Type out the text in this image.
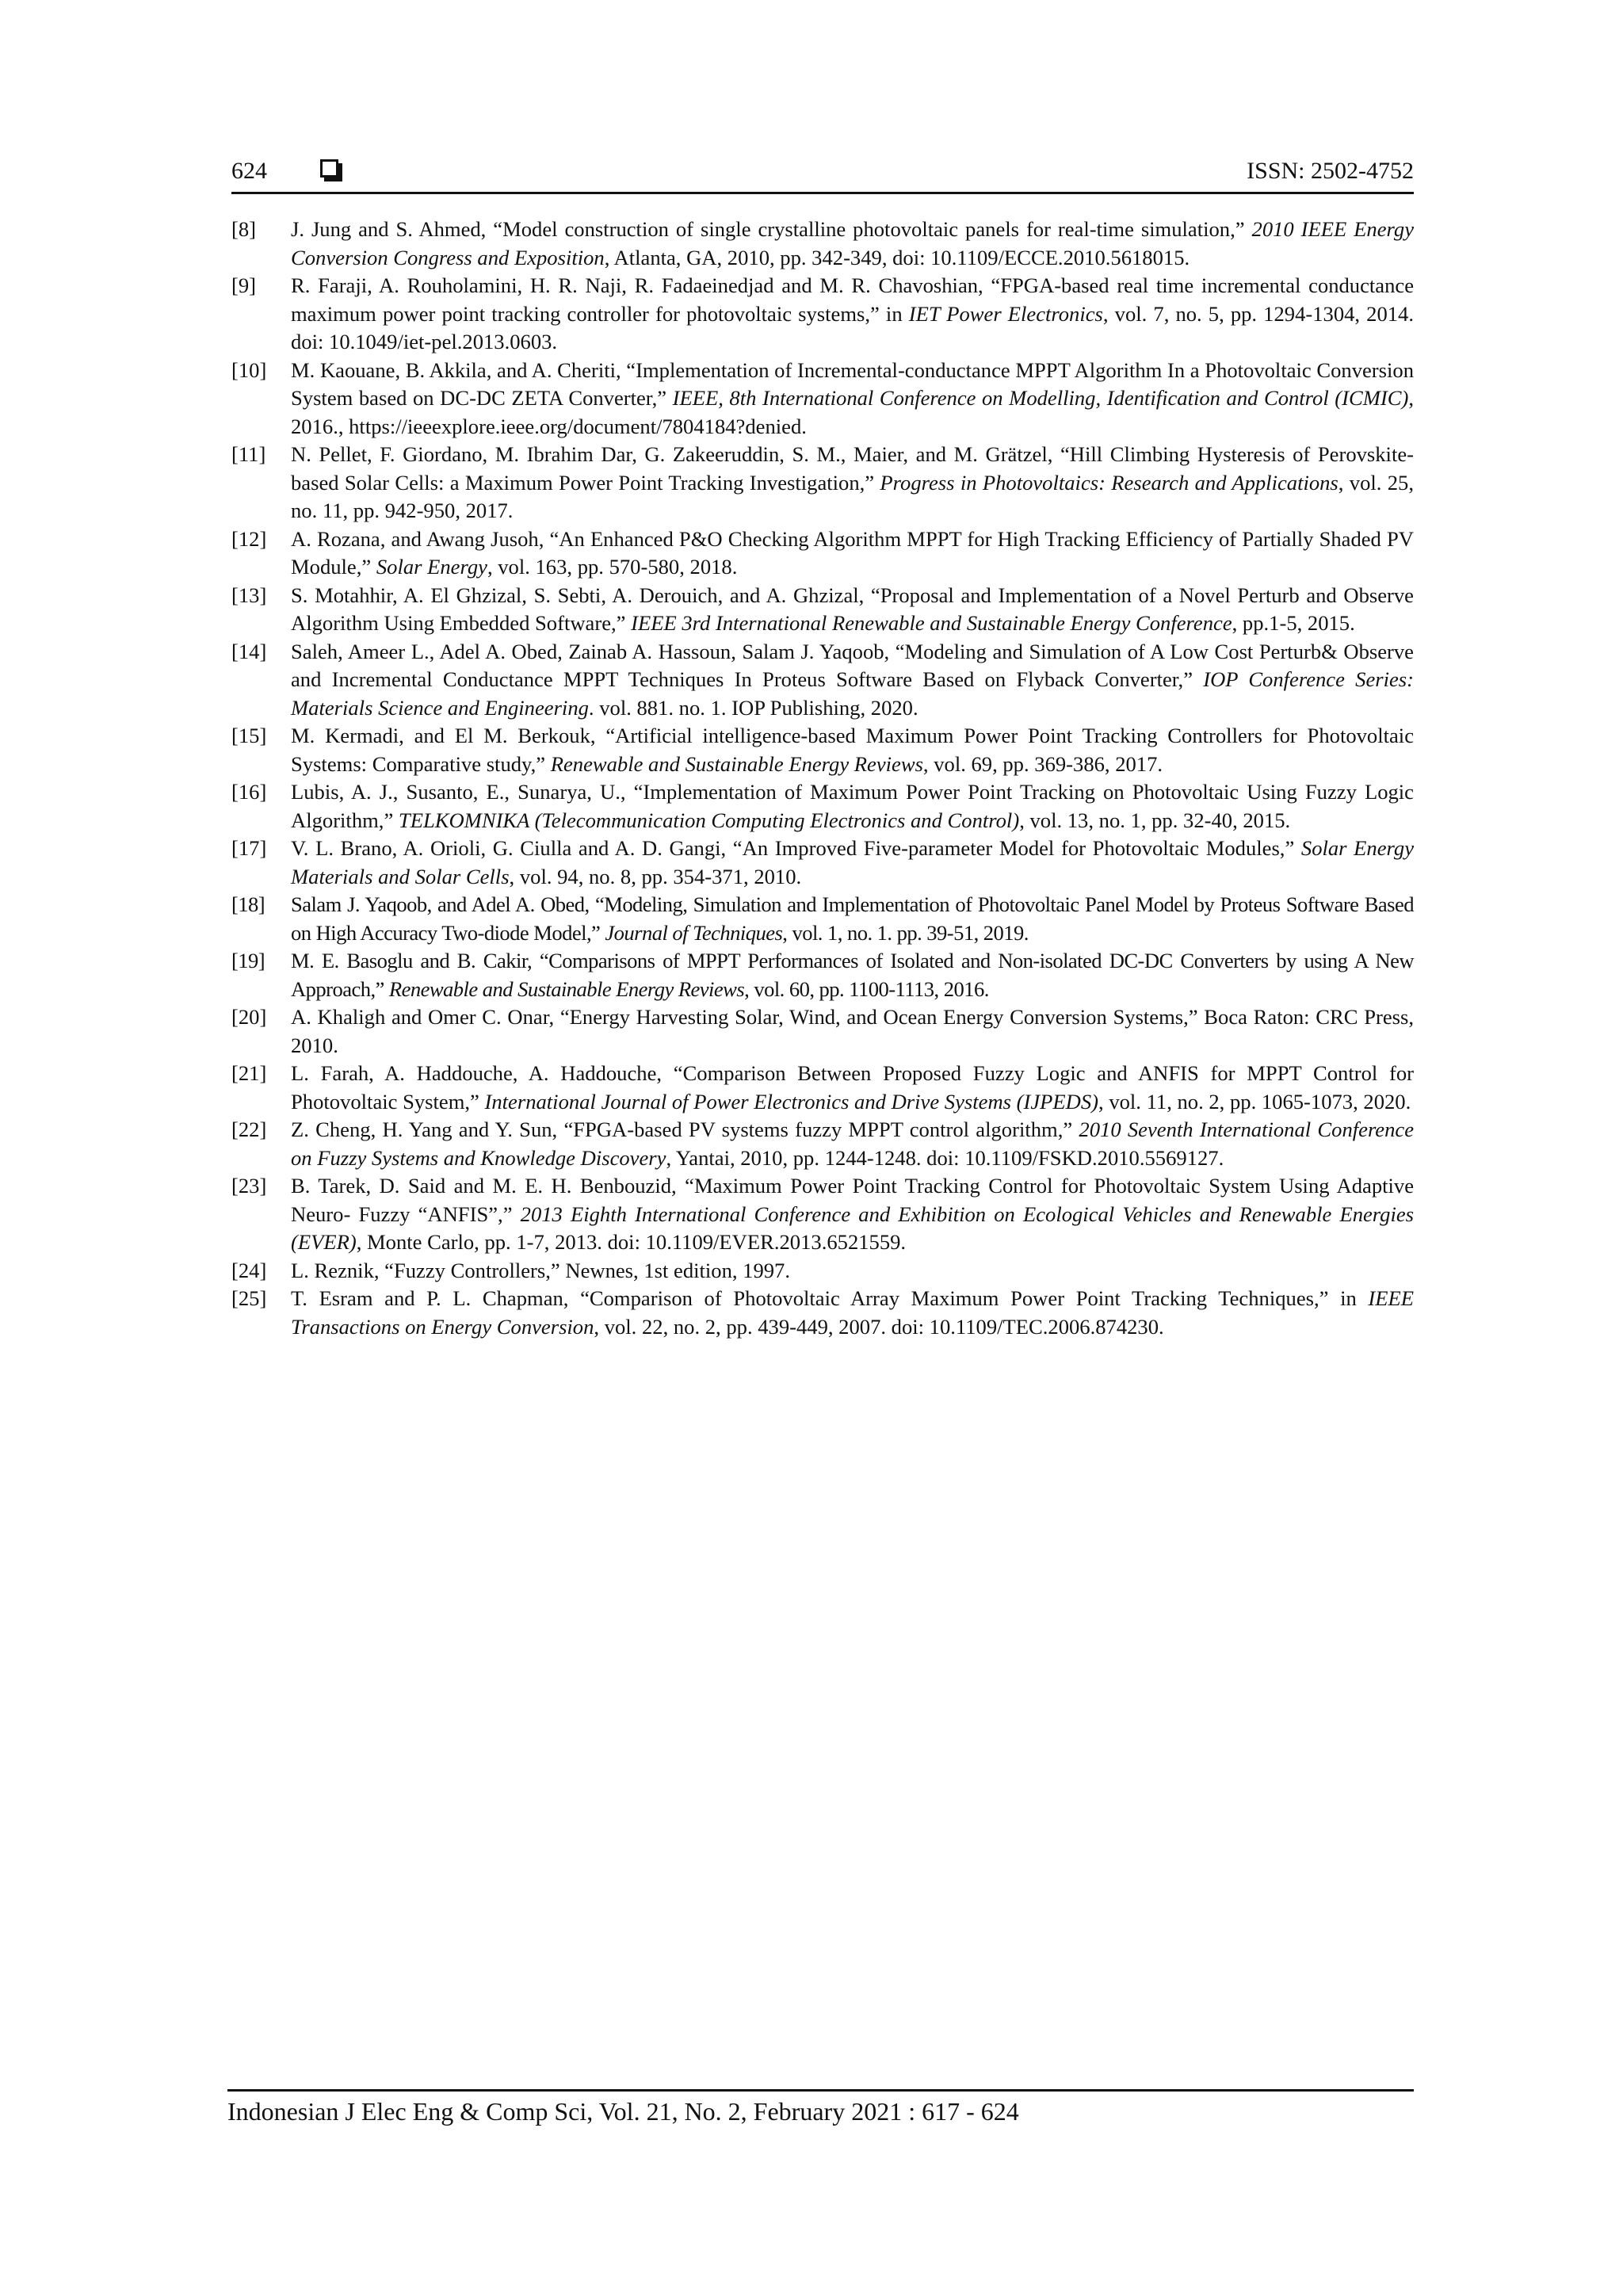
624	ISSN: 2502-4752
[8] J. Jung and S. Ahmed, “Model construction of single crystalline photovoltaic panels for real-time simulation,” 2010 IEEE Energy Conversion Congress and Exposition, Atlanta, GA, 2010, pp. 342-349, doi: 10.1109/ECCE.2010.5618015.
[9] R. Faraji, A. Rouholamini, H. R. Naji, R. Fadaeinedjad and M. R. Chavoshian, “FPGA-based real time incremental conductance maximum power point tracking controller for photovoltaic systems,” in IET Power Electronics, vol. 7, no. 5, pp. 1294-1304, 2014. doi: 10.1049/iet-pel.2013.0603.
[10] M. Kaouane, B. Akkila, and A. Cheriti, “Implementation of Incremental-conductance MPPT Algorithm In a Photovoltaic Conversion System based on DC-DC ZETA Converter,” IEEE, 8th International Conference on Modelling, Identification and Control (ICMIC), 2016., https://ieeexplore.ieee.org/document/7804184?denied.
[11] N. Pellet, F. Giordano, M. Ibrahim Dar, G. Zakeeruddin, S. M., Maier, and M. Grätzel, “Hill Climbing Hysteresis of Perovskite-based Solar Cells: a Maximum Power Point Tracking Investigation,” Progress in Photovoltaics: Research and Applications, vol. 25, no. 11, pp. 942-950, 2017.
[12] A. Rozana, and Awang Jusoh, “An Enhanced P&O Checking Algorithm MPPT for High Tracking Efficiency of Partially Shaded PV Module,” Solar Energy, vol. 163, pp. 570-580, 2018.
[13] S. Motahhir, A. El Ghzizal, S. Sebti, A. Derouich, and A. Ghzizal, “Proposal and Implementation of a Novel Perturb and Observe Algorithm Using Embedded Software,” IEEE 3rd International Renewable and Sustainable Energy Conference, pp.1-5, 2015.
[14] Saleh, Ameer L., Adel A. Obed, Zainab A. Hassoun, Salam J. Yaqoob, “Modeling and Simulation of A Low Cost Perturb& Observe and Incremental Conductance MPPT Techniques In Proteus Software Based on Flyback Converter,” IOP Conference Series: Materials Science and Engineering. vol. 881. no. 1. IOP Publishing, 2020.
[15] M. Kermadi, and El M. Berkouk, “Artificial intelligence-based Maximum Power Point Tracking Controllers for Photovoltaic Systems: Comparative study,” Renewable and Sustainable Energy Reviews, vol. 69, pp. 369-386, 2017.
[16] Lubis, A. J., Susanto, E., Sunarya, U., “Implementation of Maximum Power Point Tracking on Photovoltaic Using Fuzzy Logic Algorithm,” TELKOMNIKA (Telecommunication Computing Electronics and Control), vol. 13, no. 1, pp. 32-40, 2015.
[17] V. L. Brano, A. Orioli, G. Ciulla and A. D. Gangi, “An Improved Five-parameter Model for Photovoltaic Modules,” Solar Energy Materials and Solar Cells, vol. 94, no. 8, pp. 354-371, 2010.
[18] Salam J. Yaqoob, and Adel A. Obed, “Modeling, Simulation and Implementation of Photovoltaic Panel Model by Proteus Software Based on High Accuracy Two-diode Model,” Journal of Techniques, vol. 1, no. 1. pp. 39-51, 2019.
[19] M. E. Basoglu and B. Cakir, “Comparisons of MPPT Performances of Isolated and Non-isolated DC-DC Converters by using A New Approach,” Renewable and Sustainable Energy Reviews, vol. 60, pp. 1100-1113, 2016.
[20] A. Khaligh and Omer C. Onar, “Energy Harvesting Solar, Wind, and Ocean Energy Conversion Systems,” Boca Raton: CRC Press, 2010.
[21] L. Farah, A. Haddouche, A. Haddouche, “Comparison Between Proposed Fuzzy Logic and ANFIS for MPPT Control for Photovoltaic System,” International Journal of Power Electronics and Drive Systems (IJPEDS), vol. 11, no. 2, pp. 1065-1073, 2020.
[22] Z. Cheng, H. Yang and Y. Sun, “FPGA-based PV systems fuzzy MPPT control algorithm,” 2010 Seventh International Conference on Fuzzy Systems and Knowledge Discovery, Yantai, 2010, pp. 1244-1248. doi: 10.1109/FSKD.2010.5569127.
[23] B. Tarek, D. Said and M. E. H. Benbouzid, “Maximum Power Point Tracking Control for Photovoltaic System Using Adaptive Neuro- Fuzzy “ANFIS”,” 2013 Eighth International Conference and Exhibition on Ecological Vehicles and Renewable Energies (EVER), Monte Carlo, pp. 1-7, 2013. doi: 10.1109/EVER.2013.6521559.
[24] L. Reznik, “Fuzzy Controllers,” Newnes, 1st edition, 1997.
[25] T. Esram and P. L. Chapman, “Comparison of Photovoltaic Array Maximum Power Point Tracking Techniques,” in IEEE Transactions on Energy Conversion, vol. 22, no. 2, pp. 439-449, 2007. doi: 10.1109/TEC.2006.874230.
Indonesian J Elec Eng & Comp Sci, Vol. 21, No. 2, February 2021 : 617 - 624
